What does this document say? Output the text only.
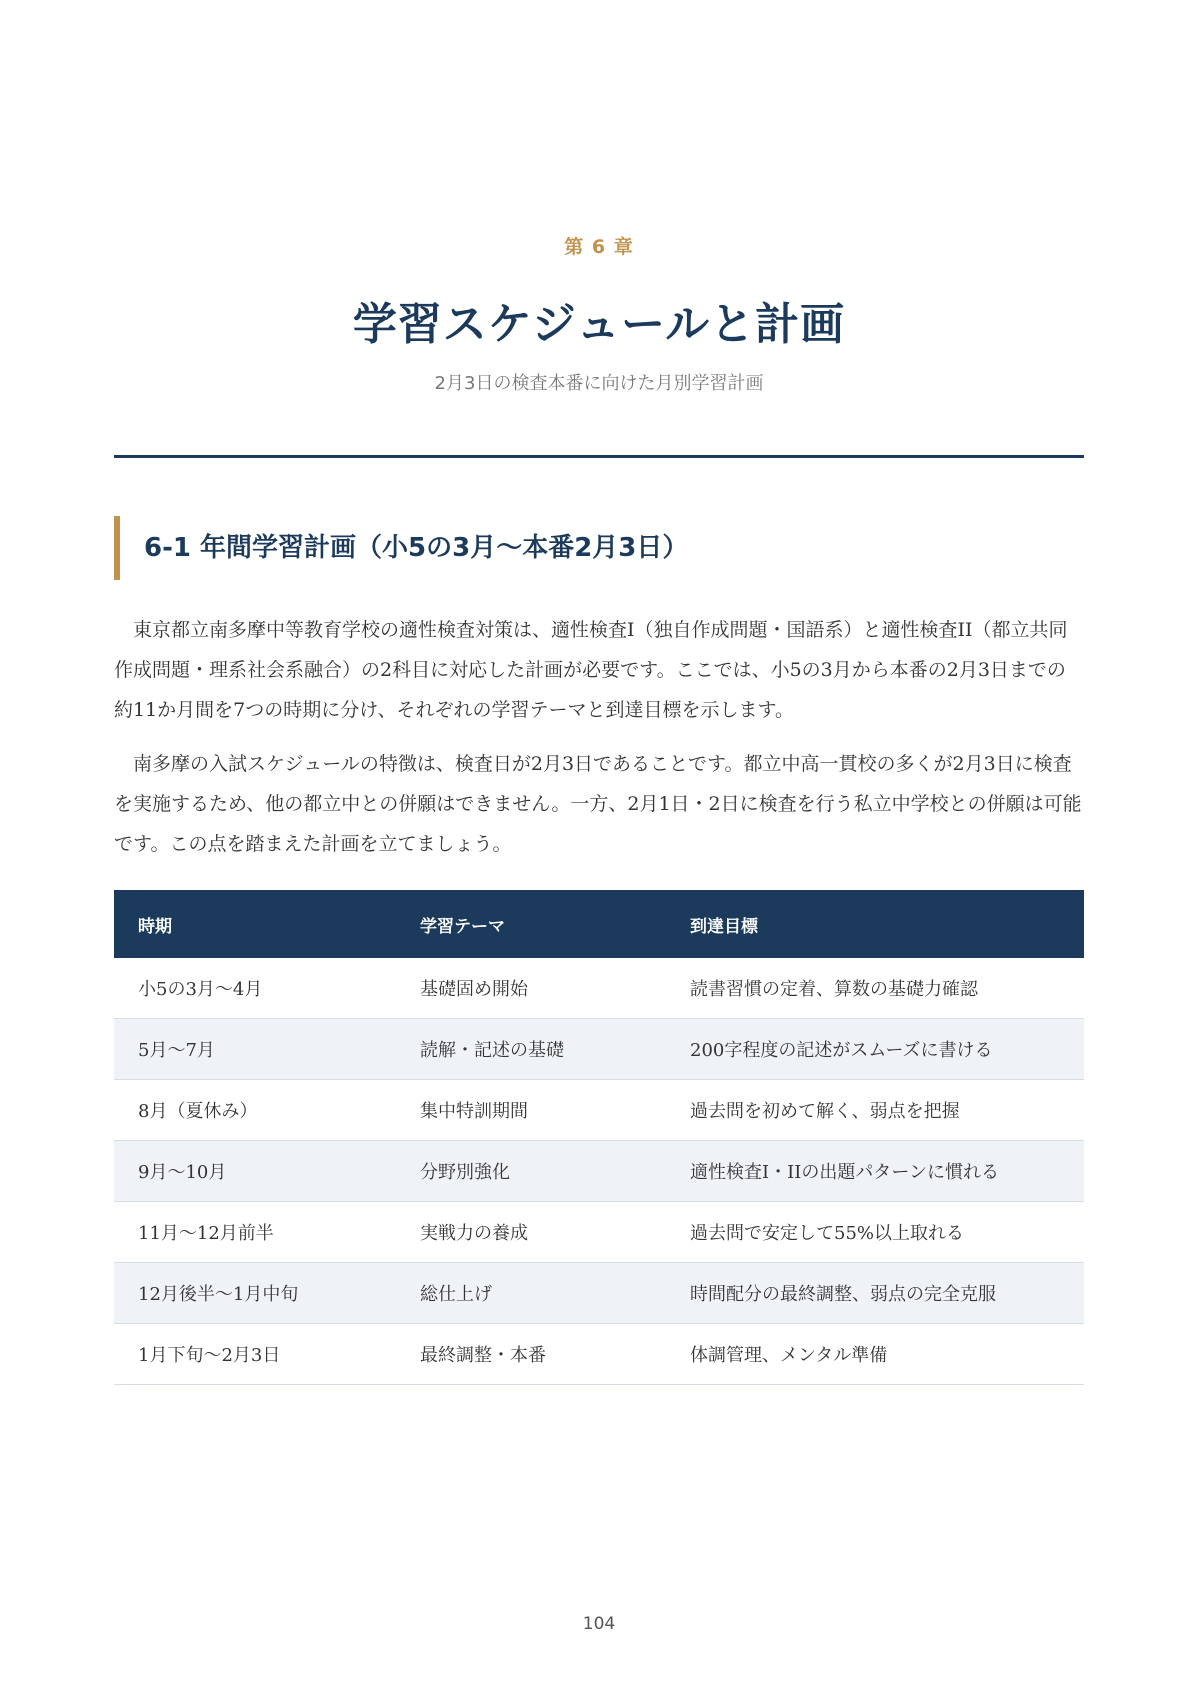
第 6 章
学習スケジュールと計画
2月3日の検査本番に向けた月別学習計画
6-1 年間学習計画（小5の3月〜本番2月3日）

東京都立南多摩中等教育学校の適性検査対策は、適性検査I（独自作成問題・国語系）と適性検査II（都立共同作成問題・理系社会系融合）の2科目に対応した計画が必要です。ここでは、小5の3月から本番の2月3日までの約11か月間を7つの時期に分け、それぞれの学習テーマと到達目標を示します。

南多摩の入試スケジュールの特徴は、検査日が2月3日であることです。都立中高一貫校の多くが2月3日に検査を実施するため、他の都立中との併願はできません。一方、2月1日・2日に検査を行う私立中学校との併願は可能です。この点を踏まえた計画を立てましょう。

時期	学習テーマ	到達目標
小5の3月〜4月	基礎固め開始	読書習慣の定着、算数の基礎力確認
5月〜7月	読解・記述の基礎	200字程度の記述がスムーズに書ける
8月（夏休み）	集中特訓期間	過去問を初めて解く、弱点を把握
9月〜10月	分野別強化	適性検査I・IIの出題パターンに慣れる
11月〜12月前半	実戦力の養成	過去問で安定して55%以上取れる
12月後半〜1月中旬	総仕上げ	時間配分の最終調整、弱点の完全克服
1月下旬〜2月3日	最終調整・本番	体調管理、メンタル準備
104
